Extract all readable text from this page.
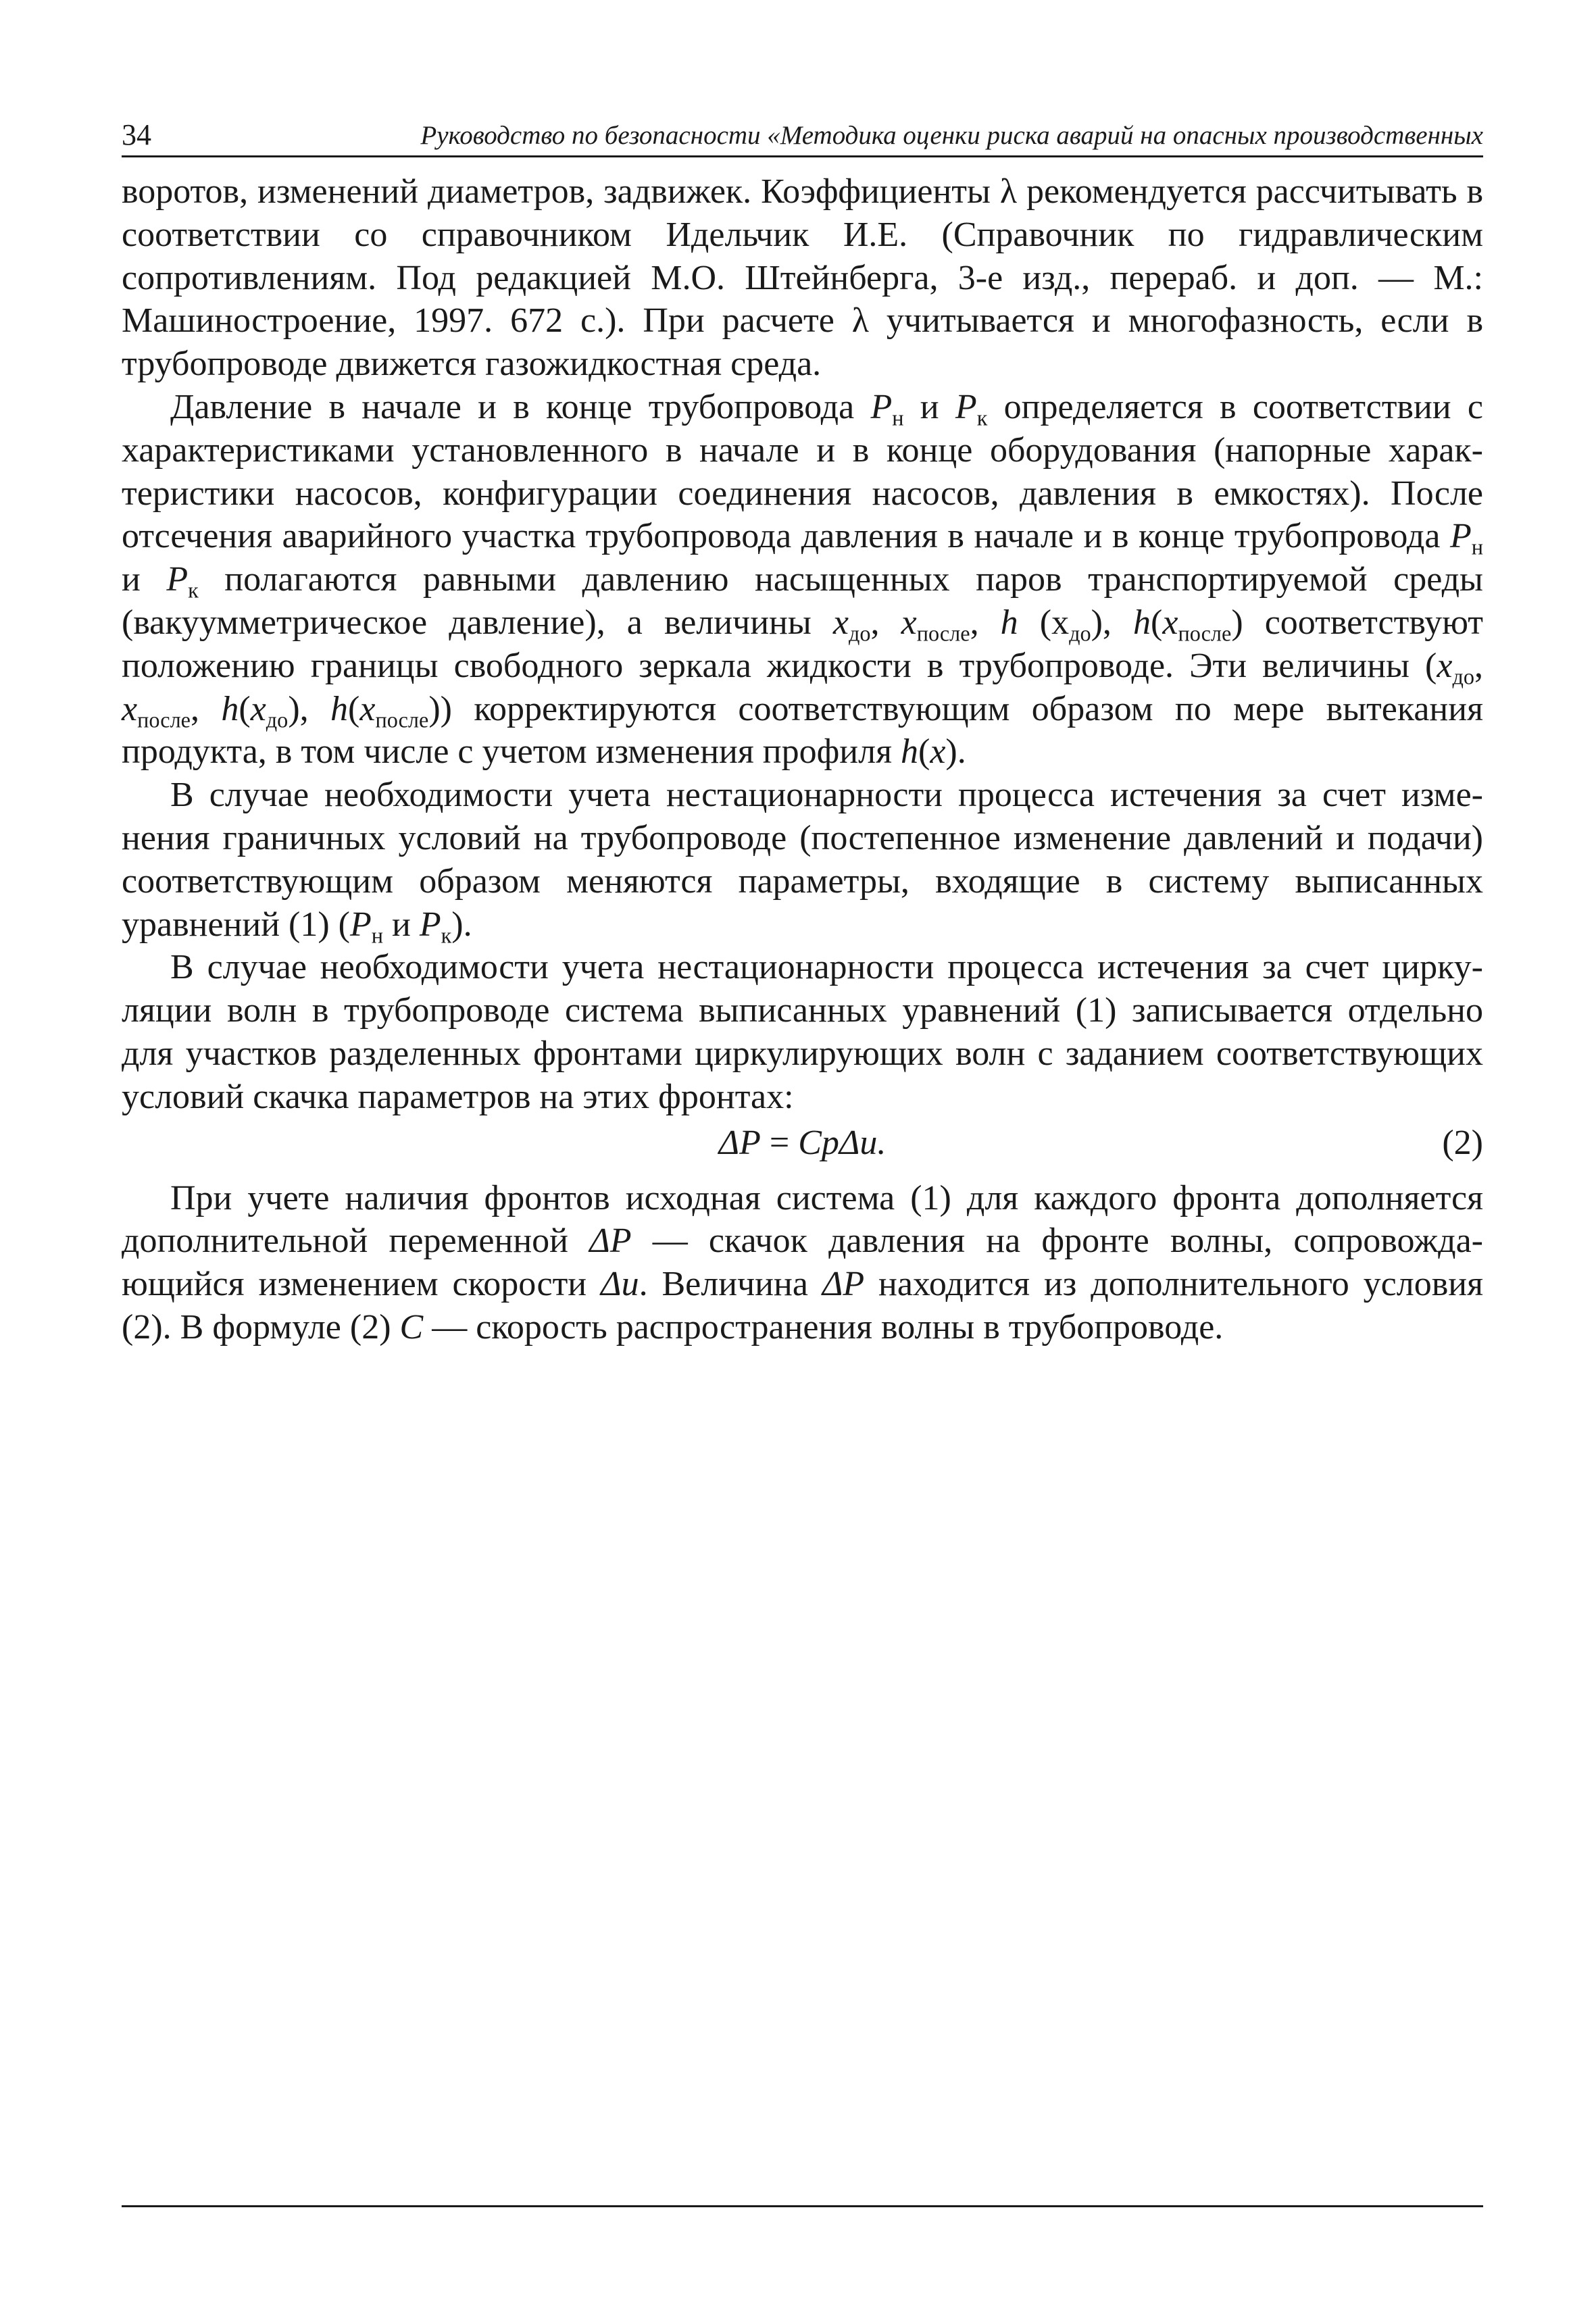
34	Руководство по безопасности «Методика оценки риска аварий на опасных производственных

воротов, изменений диаметров, задвижек. Коэффициенты λ рекомендуется рассчитывать в соответствии со справочником Идельчик И.Е. (Справочник по гидравлическим сопротивлениям. Под редакцией М.О. Штейнберга, 3-е изд., перераб. и доп. — М.: Машиностроение, 1997. 672 с.). При расчете λ учитывается и многофазность, если в трубопроводе движется газожидкостная среда.

Давление в начале и в конце трубопровода $P_н$ и $P_к$ определяется в соответствии с характеристиками установленного в начале и в конце оборудования (напорные характеристики насосов, конфигурации соединения насосов, давления в емкостях). После отсечения аварийного участка трубопровода давления в начале и в конце трубопровода $P_н$ и $P_к$ полагаются равными давлению насыщенных паров транспортируемой среды (вакуумметрическое давление), а величины $x_{до}$, $x_{после}$, h $(x_{до})$, $h(x_{после})$ соответствуют положению границы свободного зеркала жидкости в трубопроводе. Эти величины ($x_{до}$, $x_{после}$, $h(x_{до})$, $h(x_{после})$) корректируются соответствующим образом по мере вытекания продукта, в том числе с учетом изменения профиля h(x).

В случае необходимости учета нестационарности процесса истечения за счет изменения граничных условий на трубопроводе (постепенное изменение давлений и подачи) соответствующим образом меняются параметры, входящие в систему выписанных уравнений (1) ($P_н$ и $P_к$).

В случае необходимости учета нестационарности процесса истечения за счет циркуляции волн в трубопроводе система выписанных уравнений (1) записывается отдельно для участков разделенных фронтами циркулирующих волн с заданием соответствующих условий скачка параметров на этих фронтах:

ΔP = CpΔu.	(2)

При учете наличия фронтов исходная система (1) для каждого фронта дополняется дополнительной переменной ΔP — скачок давления на фронте волны, сопровождающийся изменением скорости Δu. Величина ΔP находится из дополнительного условия (2). В формуле (2) C — скорость распространения волны в трубопроводе.
